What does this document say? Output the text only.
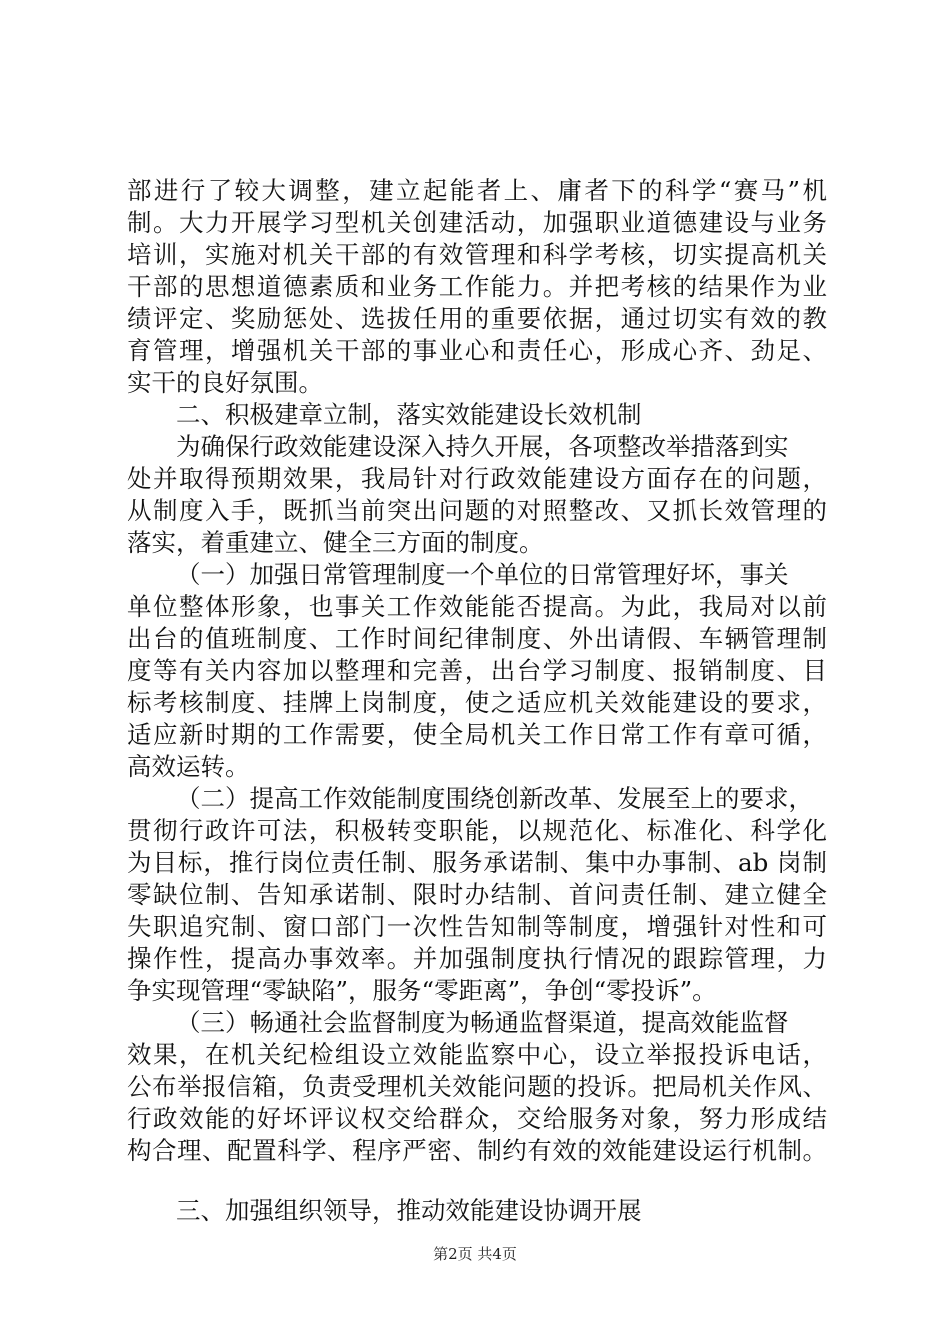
部进行了较大调整，建立起能者上、庸者下的科学“赛马”机
制。大力开展学习型机关创建活动，加强职业道德建设与业务
培训，实施对机关干部的有效管理和科学考核，切实提高机关
干部的思想道德素质和业务工作能力。并把考核的结果作为业
绩评定、奖励惩处、选拔任用的重要依据，通过切实有效的教
育管理，增强机关干部的事业心和责任心，形成心齐、劲足、
实干的良好氛围。
二、积极建章立制，落实效能建设长效机制
为确保行政效能建设深入持久开展，各项整改举措落到实
处并取得预期效果，我局针对行政效能建设方面存在的问题，
从制度入手，既抓当前突出问题的对照整改、又抓长效管理的
落实，着重建立、健全三方面的制度。
（一）加强日常管理制度一个单位的日常管理好坏，事关
单位整体形象，也事关工作效能能否提高。为此，我局对以前
出台的值班制度、工作时间纪律制度、外出请假、车辆管理制
度等有关内容加以整理和完善，出台学习制度、报销制度、目
标考核制度、挂牌上岗制度，使之适应机关效能建设的要求，
适应新时期的工作需要，使全局机关工作日常工作有章可循，
高效运转。
（二）提高工作效能制度围绕创新改革、发展至上的要求，
贯彻行政许可法，积极转变职能，以规范化、标准化、科学化
为目标，推行岗位责任制、服务承诺制、集中办事制、ab 岗制
零缺位制、告知承诺制、限时办结制、首问责任制、建立健全
失职追究制、窗口部门一次性告知制等制度，增强针对性和可
操作性，提高办事效率。并加强制度执行情况的跟踪管理，力
争实现管理“零缺陷”，服务“零距离”，争创“零投诉”。
（三）畅通社会监督制度为畅通监督渠道，提高效能监督
效果，在机关纪检组设立效能监察中心，设立举报投诉电话，
公布举报信箱，负责受理机关效能问题的投诉。把局机关作风、
行政效能的好坏评议权交给群众，交给服务对象，努力形成结
构合理、配置科学、程序严密、制约有效的效能建设运行机制。
三、加强组织领导，推动效能建设协调开展
第2页 共4页
